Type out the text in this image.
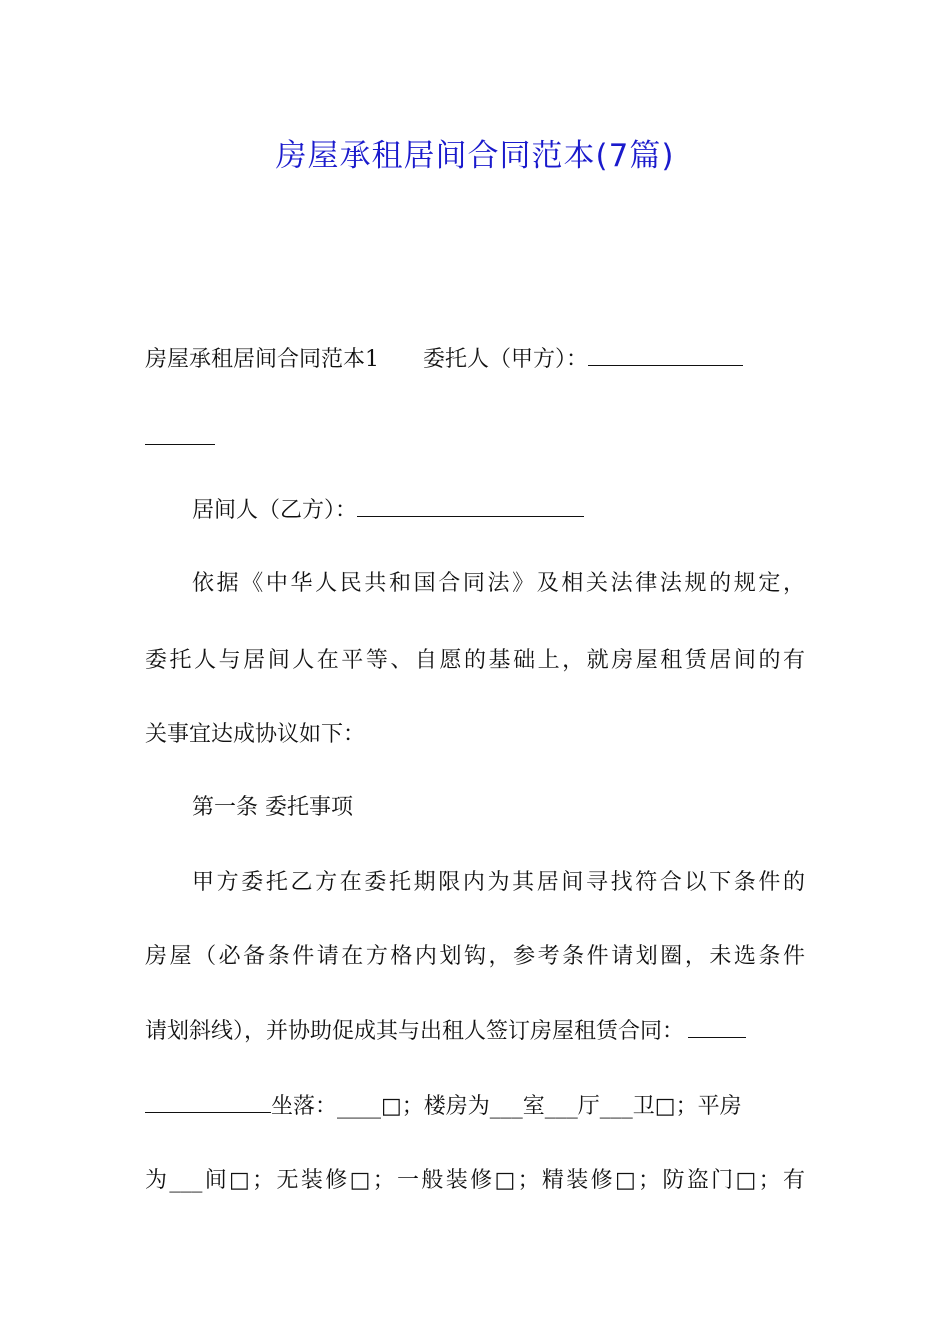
房屋承租居间合同范本(7篇)
房屋承租居间合同范本1　　委托人（甲方）：
居间人（乙方）：
依据《中华人民共和国合同法》及相关法律法规的规定，
委托人与居间人在平等、自愿的基础上，就房屋租赁居间的有
关事宜达成协议如下：
第一条 委托事项
甲方委托乙方在委托期限内为其居间寻找符合以下条件的
房屋（必备条件请在方格内划钩，参考条件请划圈，未选条件
请划斜线），并协助促成其与出租人签订房屋租赁合同：
坐落：____□；楼房为___室___厅___卫□；平房
为___间□；无装修□；一般装修□；精装修□；防盗门□；有
